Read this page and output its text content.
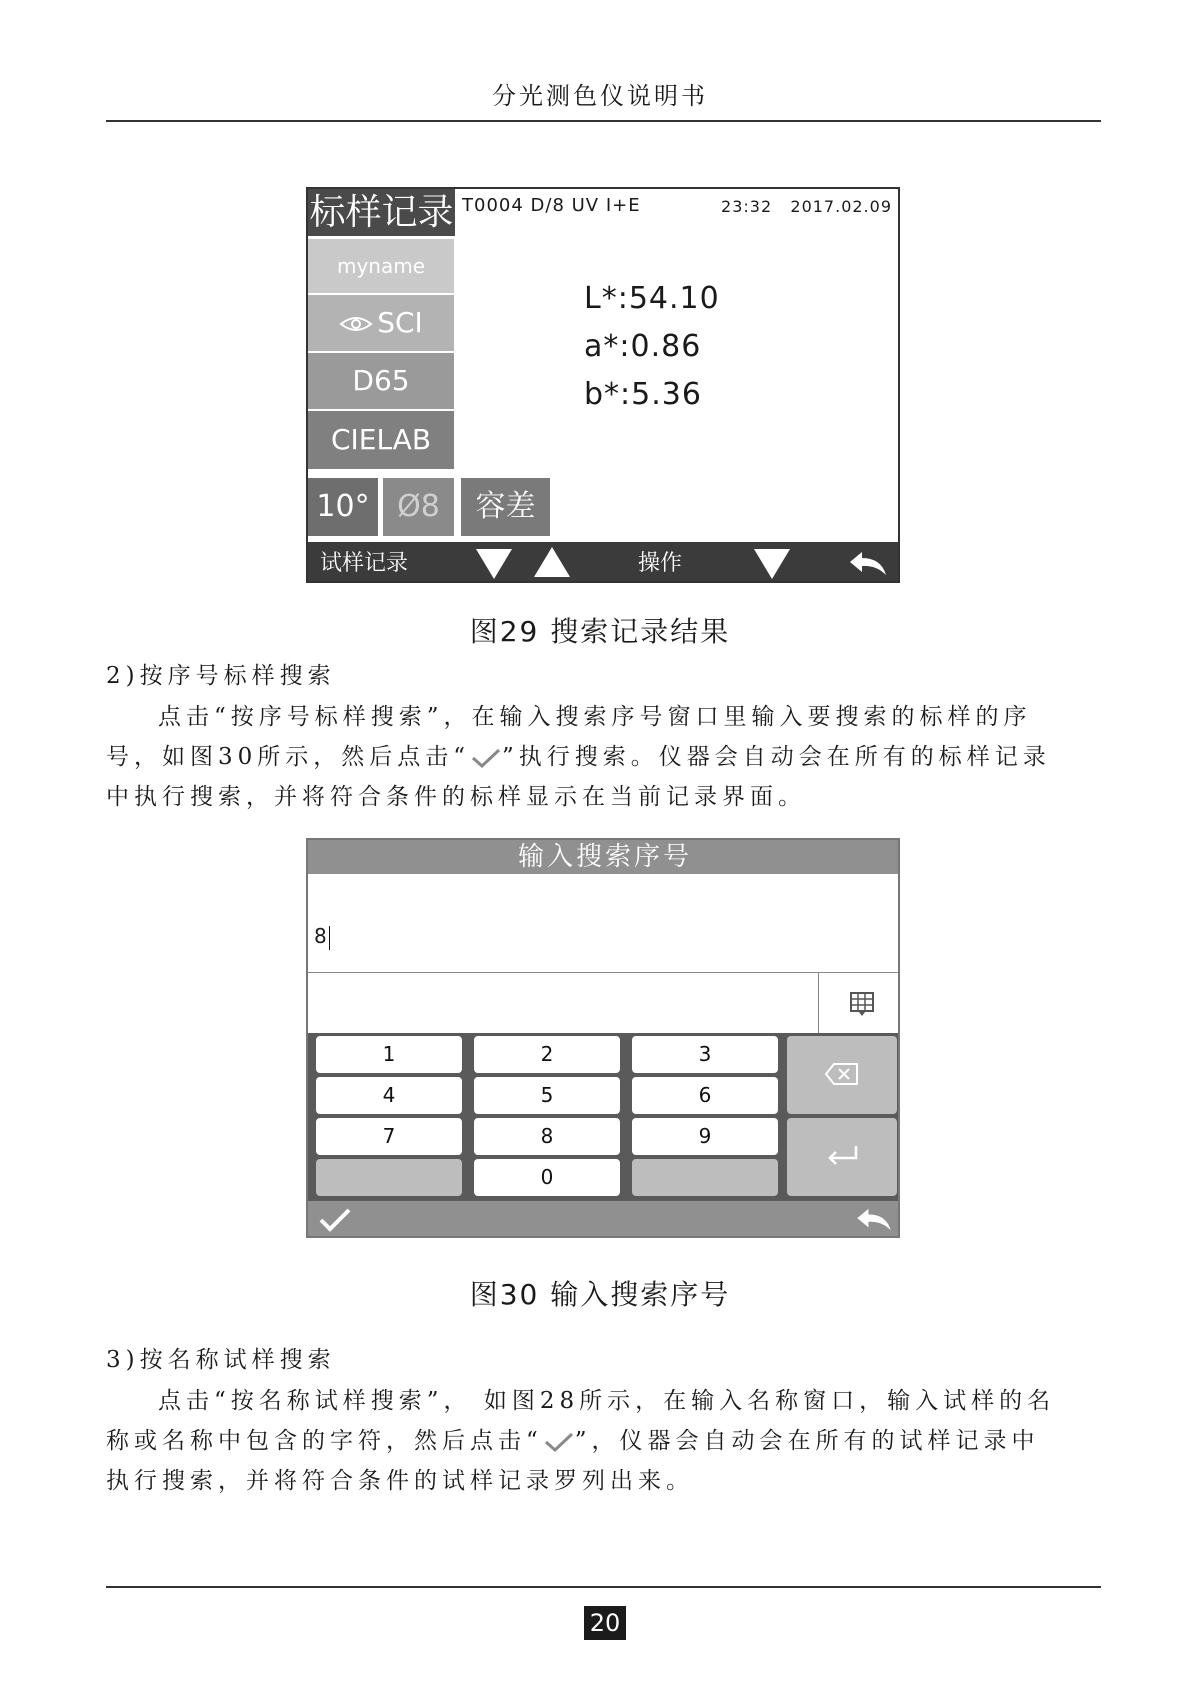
分光测色仪说明书
标样记录 T0004 D/8 UV I+E	23:32 2017.02.09
myname
SCI
D65
CIELAB
10° Ø8	容差
L*:54.10
a*:0.86
b*:5.36
试样记录	操作
图29 搜索记录结果
2)按序号标样搜索
点击“按序号标样搜索”，在输入搜索序号窗口里输入要搜索的标样的序
号，如图30所示，然后点击“ ”执行搜索。仪器会自动会在所有的标样记录
中执行搜索，并将符合条件的标样显示在当前记录界面。
输入搜索序号
8
1	2	3
4	5	6
7	8	9
0
图30 输入搜索序号
3)按名称试样搜索
点击“按名称试样搜索”， 如图28所示，在输入名称窗口，输入试样的名
称或名称中包含的字符，然后点击“ ”，仪器会自动会在所有的试样记录中
执行搜索，并将符合条件的试样记录罗列出来。
20
